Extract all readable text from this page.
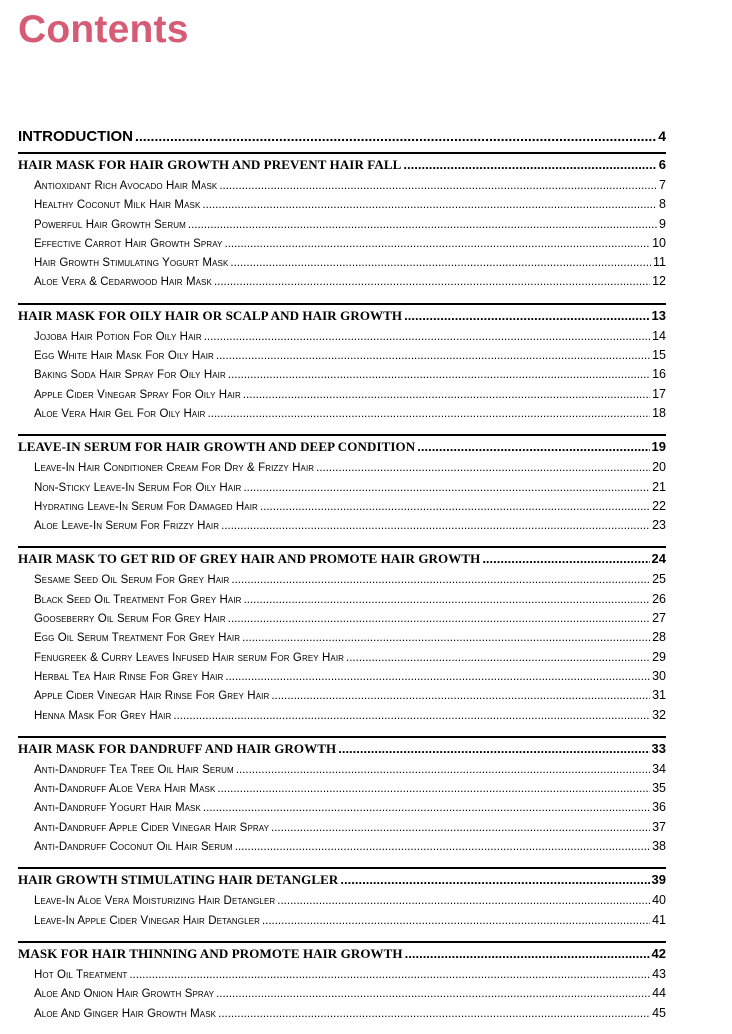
Contents
INTRODUCTION .....	4
HAIR MASK FOR HAIR GROWTH AND PREVENT HAIR FALL .....	6
Antioxidant Rich Avocado Hair Mask .....	7
Healthy Coconut Milk Hair Mask .....	8
Powerful Hair Growth Serum .....	9
Effective Carrot Hair Growth Spray .....	10
Hair Growth Stimulating Yogurt Mask .....	11
Aloe Vera & Cedarwood Hair Mask .....	12
HAIR MASK FOR OILY HAIR OR SCALP AND HAIR GROWTH .....	13
Jojoba Hair Potion For Oily Hair .....	14
Egg White Hair Mask For Oily Hair .....	15
Baking Soda Hair Spray For Oily Hair .....	16
Apple Cider Vinegar Spray For Oily Hair .....	17
Aloe Vera Hair Gel For Oily Hair .....	18
LEAVE-IN SERUM FOR HAIR GROWTH AND DEEP CONDITION .....	19
Leave-In Hair Conditioner Cream For Dry & Frizzy Hair .....	20
Non-Sticky Leave-In Serum For Oily Hair .....	21
Hydrating Leave-In Serum For Damaged Hair .....	22
Aloe Leave-In Serum For Frizzy Hair .....	23
HAIR MASK TO GET RID OF GREY HAIR AND PROMOTE HAIR GROWTH .....	24
Sesame Seed Oil Serum For Grey Hair .....	25
Black Seed Oil Treatment For Grey Hair .....	26
Gooseberry Oil Serum For Grey Hair .....	27
Egg Oil Serum Treatment For Grey Hair .....	28
Fenugreek & Curry Leaves Infused Hair serum For Grey Hair .....	29
Herbal Tea Hair Rinse For Grey Hair .....	30
Apple Cider Vinegar Hair Rinse For Grey Hair .....	31
Henna Mask For Grey Hair .....	32
HAIR MASK FOR DANDRUFF AND HAIR GROWTH .....	33
Anti-Dandruff Tea Tree Oil Hair Serum .....	34
Anti-Dandruff Aloe Vera Hair Mask .....	35
Anti-Dandruff Yogurt Hair Mask .....	36
Anti-Dandruff Apple Cider Vinegar Hair Spray .....	37
Anti-Dandruff Coconut Oil Hair Serum .....	38
HAIR GROWTH STIMULATING HAIR DETANGLER .....	39
Leave-In Aloe Vera Moisturizing Hair Detangler .....	40
Leave-In Apple Cider Vinegar Hair Detangler .....	41
MASK FOR HAIR THINNING AND PROMOTE HAIR GROWTH .....	42
Hot Oil Treatment .....	43
Aloe And Onion Hair Growth Spray .....	44
Aloe And Ginger Hair Growth Mask .....	45
